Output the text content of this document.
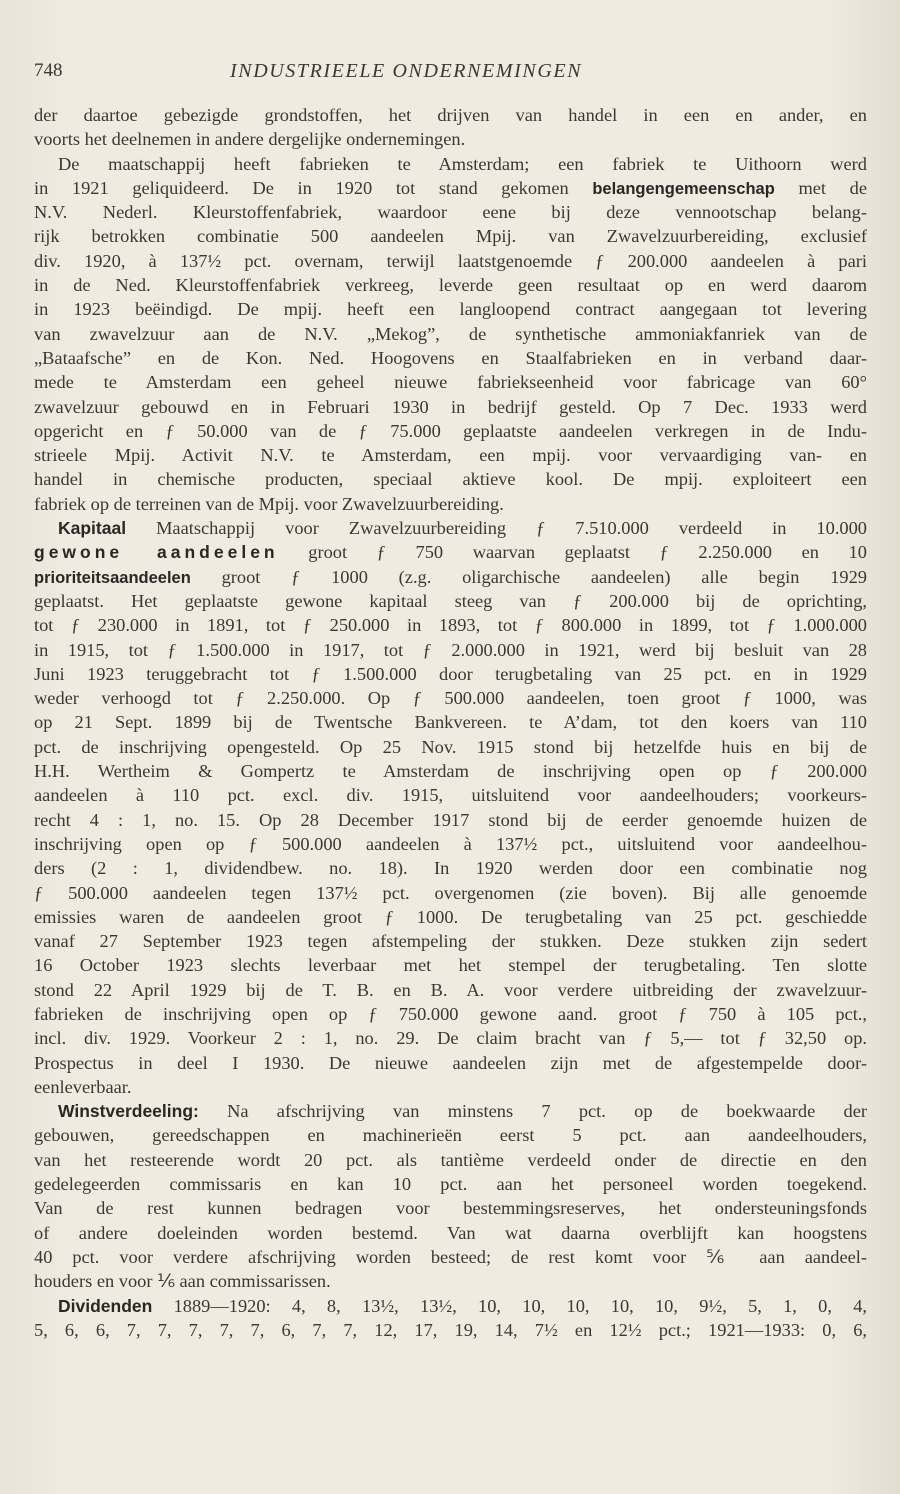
748	INDUSTRIEELE ONDERNEMINGEN
der daartoe gebezigde grondstoffen, het drijven van handel in een en ander, en
voorts het deelnemen in andere dergelijke ondernemingen.
De maatschappij heeft fabrieken te Amsterdam; een fabriek te Uithoorn werd
in 1921 geliquideerd. De in 1920 tot stand gekomen belangengemeenschap met de
N.V. Nederl. Kleurstoffenfabriek, waardoor eene bij deze vennootschap belang-
rijk betrokken combinatie 500 aandeelen Mpij. van Zwavelzuurbereiding, exclusief
div. 1920, à 137½ pct. overnam, terwijl laatstgenoemde ƒ 200.000 aandeelen à pari
in de Ned. Kleurstoffenfabriek verkreeg, leverde geen resultaat op en werd daarom
in 1923 beëindigd. De mpij. heeft een langloopend contract aangegaan tot levering
van zwavelzuur aan de N.V. „Mekog”, de synthetische ammoniakfanriek van de
„Bataafsche” en de Kon. Ned. Hoogovens en Staalfabrieken en in verband daar-
mede te Amsterdam een geheel nieuwe fabriekseenheid voor fabricage van 60°
zwavelzuur gebouwd en in Februari 1930 in bedrijf gesteld. Op 7 Dec. 1933 werd
opgericht en ƒ 50.000 van de ƒ 75.000 geplaatste aandeelen verkregen in de Indu-
strieele Mpij. Activit N.V. te Amsterdam, een mpij. voor vervaardiging van- en
handel in chemische producten, speciaal aktieve kool. De mpij. exploiteert een
fabriek op de terreinen van de Mpij. voor Zwavelzuurbereiding.
Kapitaal Maatschappij voor Zwavelzuurbereiding ƒ 7.510.000 verdeeld in 10.000
gewone aandeelen groot ƒ 750 waarvan geplaatst ƒ 2.250.000 en 10
prioriteitsaandeelen groot ƒ 1000 (z.g. oligarchische aandeelen) alle begin 1929
geplaatst. Het geplaatste gewone kapitaal steeg van ƒ 200.000 bij de oprichting,
tot ƒ 230.000 in 1891, tot ƒ 250.000 in 1893, tot ƒ 800.000 in 1899, tot ƒ 1.000.000
in 1915, tot ƒ 1.500.000 in 1917, tot ƒ 2.000.000 in 1921, werd bij besluit van 28
Juni 1923 teruggebracht tot ƒ 1.500.000 door terugbetaling van 25 pct. en in 1929
weder verhoogd tot ƒ 2.250.000. Op ƒ 500.000 aandeelen, toen groot ƒ 1000, was
op 21 Sept. 1899 bij de Twentsche Bankvereen. te A’dam, tot den koers van 110
pct. de inschrijving opengesteld. Op 25 Nov. 1915 stond bij hetzelfde huis en bij de
H.H. Wertheim & Gompertz te Amsterdam de inschrijving open op ƒ 200.000
aandeelen à 110 pct. excl. div. 1915, uitsluitend voor aandeelhouders; voorkeurs-
recht 4 : 1, no. 15. Op 28 December 1917 stond bij de eerder genoemde huizen de
inschrijving open op ƒ 500.000 aandeelen à 137½ pct., uitsluitend voor aandeelhou-
ders (2 : 1, dividendbew. no. 18). In 1920 werden door een combinatie nog
ƒ 500.000 aandeelen tegen 137½ pct. overgenomen (zie boven). Bij alle genoemde
emissies waren de aandeelen groot ƒ 1000. De terugbetaling van 25 pct. geschiedde
vanaf 27 September 1923 tegen afstempeling der stukken. Deze stukken zijn sedert
16 October 1923 slechts leverbaar met het stempel der terugbetaling. Ten slotte
stond 22 April 1929 bij de T. B. en B. A. voor verdere uitbreiding der zwavelzuur-
fabrieken de inschrijving open op ƒ 750.000 gewone aand. groot ƒ 750 à 105 pct.,
incl. div. 1929. Voorkeur 2 : 1, no. 29. De claim bracht van ƒ 5,— tot ƒ 32,50 op.
Prospectus in deel I 1930. De nieuwe aandeelen zijn met de afgestempelde door-
eenleverbaar.
Winstverdeeling: Na afschrijving van minstens 7 pct. op de boekwaarde der
gebouwen, gereedschappen en machinerieën eerst 5 pct. aan aandeelhouders,
van het resteerende wordt 20 pct. als tantième verdeeld onder de directie en den
gedelegeerden commissaris en kan 10 pct. aan het personeel worden toegekend.
Van de rest kunnen bedragen voor bestemmingsreserves, het ondersteuningsfonds
of andere doeleinden worden bestemd. Van wat daarna overblijft kan hoogstens
40 pct. voor verdere afschrijving worden besteed; de rest komt voor ⅚ aan aandeel-
houders en voor ⅙ aan commissarissen.
Dividenden 1889—1920: 4, 8, 13½, 13½, 10, 10, 10, 10, 10, 9½, 5, 1, 0, 4,
5, 6, 6, 7, 7, 7, 7, 7, 6, 7, 7, 12, 17, 19, 14, 7½ en 12½ pct.; 1921—1933: 0, 6,
